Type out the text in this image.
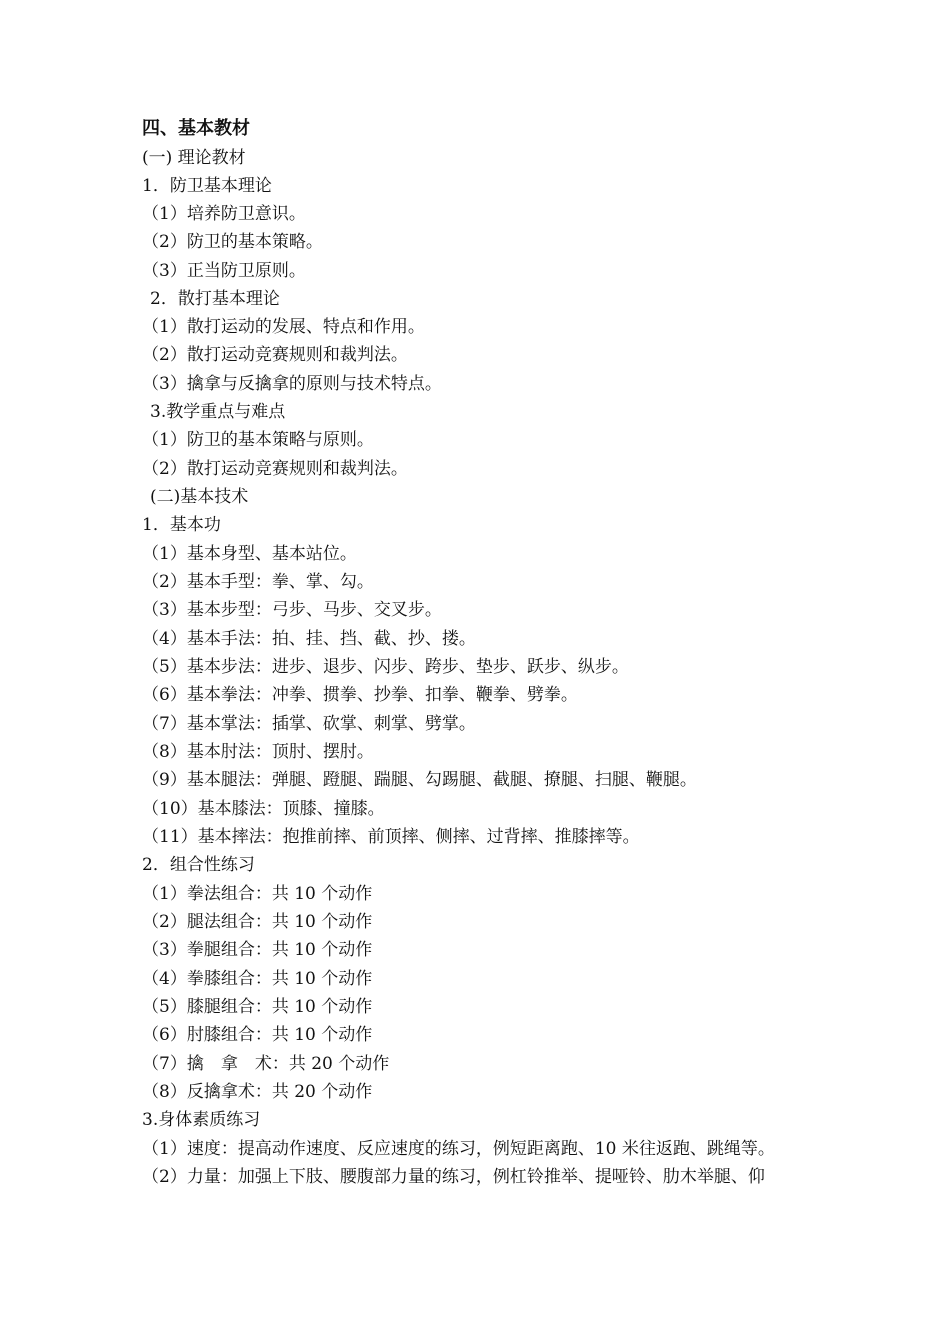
四、基本教材
(一) 理论教材
1．防卫基本理论
（1）培养防卫意识。
（2）防卫的基本策略。
（3）正当防卫原则。
2．散打基本理论
（1）散打运动的发展、特点和作用。
（2）散打运动竞赛规则和裁判法。
（3）擒拿与反擒拿的原则与技术特点。
3.教学重点与难点
（1）防卫的基本策略与原则。
（2）散打运动竞赛规则和裁判法。
(二)基本技术
1．基本功
（1）基本身型、基本站位。
（2）基本手型：拳、掌、勾。
（3）基本步型：弓步、马步、交叉步。
（4）基本手法：拍、挂、挡、截、抄、搂。
（5）基本步法：进步、退步、闪步、跨步、垫步、跃步、纵步。
（6）基本拳法：冲拳、掼拳、抄拳、扣拳、鞭拳、劈拳。
（7）基本掌法：插掌、砍掌、刺掌、劈掌。
（8）基本肘法：顶肘、摆肘。
（9）基本腿法：弹腿、蹬腿、踹腿、勾踢腿、截腿、撩腿、扫腿、鞭腿。
（10）基本膝法：顶膝、撞膝。
（11）基本摔法：抱推前摔、前顶摔、侧摔、过背摔、推膝摔等。
2．组合性练习
（1）拳法组合：共 10 个动作
（2）腿法组合：共 10 个动作
（3）拳腿组合：共 10 个动作
（4）拳膝组合：共 10 个动作
（5）膝腿组合：共 10 个动作
（6）肘膝组合：共 10 个动作
（7）擒　拿　术：共 20 个动作
（8）反擒拿术：共 20 个动作
3.身体素质练习
（1）速度：提高动作速度、反应速度的练习，例短距离跑、10 米往返跑、跳绳等。
（2）力量：加强上下肢、腰腹部力量的练习，例杠铃推举、提哑铃、肋木举腿、仰
